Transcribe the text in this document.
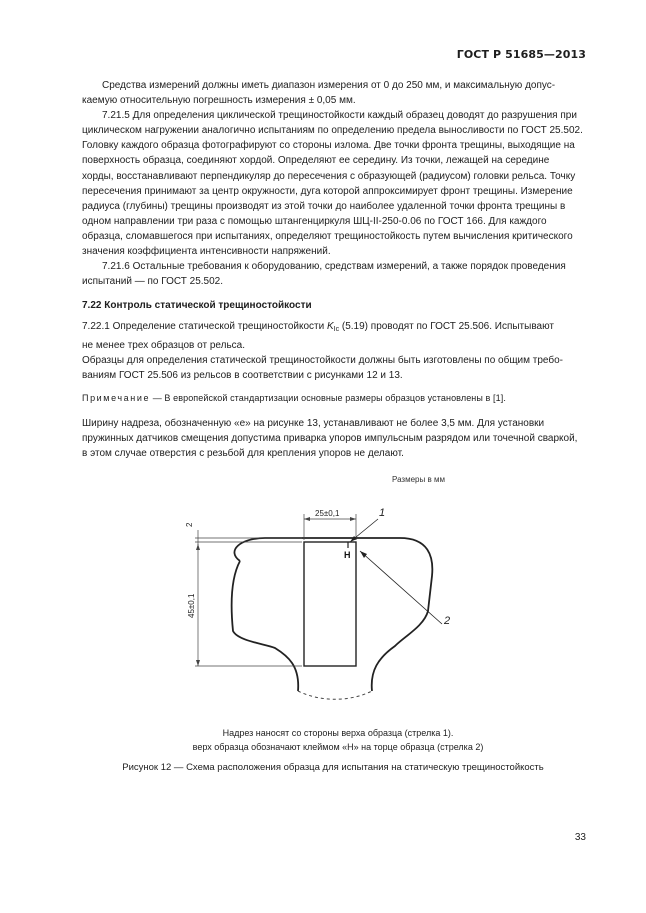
ГОСТ Р 51685—2013
Средства измерений должны иметь диапазон измерения от 0 до 250 мм, и максимальную допус-
каемую относительную погрешность измерения ± 0,05 мм.
7.21.5 Для определения циклической трещиностойкости каждый образец доводят до разрушения при
циклическом нагружении аналогично испытаниям по определению предела выносливости по ГОСТ 25.502.
Головку каждого образца фотографируют со стороны излома. Две точки фронта трещины, выходящие на
поверхность образца, соединяют хордой. Определяют ее середину. Из точки, лежащей на середине
хорды, восстанавливают перпендикуляр до пересечения с образующей (радиусом) головки рельса. Точку
пересечения принимают за центр окружности, дуга которой аппроксимирует фронт трещины. Измерение
радиуса (глубины) трещины производят из этой точки до наиболее удаленной точки фронта трещины в
одном направлении три раза с помощью штангенциркуля ШЦ-II-250-0.06 по ГОСТ 166. Для каждого
образца, сломавшегося при испытаниях, определяют трещиностойкость путем вычисления критического
значения коэффициента интенсивности напряжений.
7.21.6 Остальные требования к оборудованию, средствам измерений, а также порядок проведения
испытаний — по ГОСТ 25.502.
7.22 Контроль статической трещиностойкости
7.22.1 Определение статической трещиностойкости $K_{Ic}$ (5.19) проводят по ГОСТ 25.506. Испытывают
не менее трех образцов от рельса.
Образцы для определения статической трещиностойкости должны быть изготовлены по общим требо-
ваниям ГОСТ 25.506 из рельсов в соответствии с рисунками 12 и 13.
Примечание — В европейской стандартизации основные размеры образцов установлены в [1].
Ширину надреза, обозначенную «e» на рисунке 13, устанавливают не более 3,5 мм. Для установки
пружинных датчиков смещения допустима приварка упоров импульсным разрядом или точечной сваркой,
в этом случае отверстия с резьбой для крепления упоров не делают.
Размеры в мм
25±0,1
2
45±0,1
Н
1
2
Надрез наносят со стороны верха образца (стрелка 1).
верх образца обозначают клеймом «Н» на торце образца (стрелка 2)
Рисунок 12 — Схема расположения образца для испытания на статическую трещиностойкость
33
